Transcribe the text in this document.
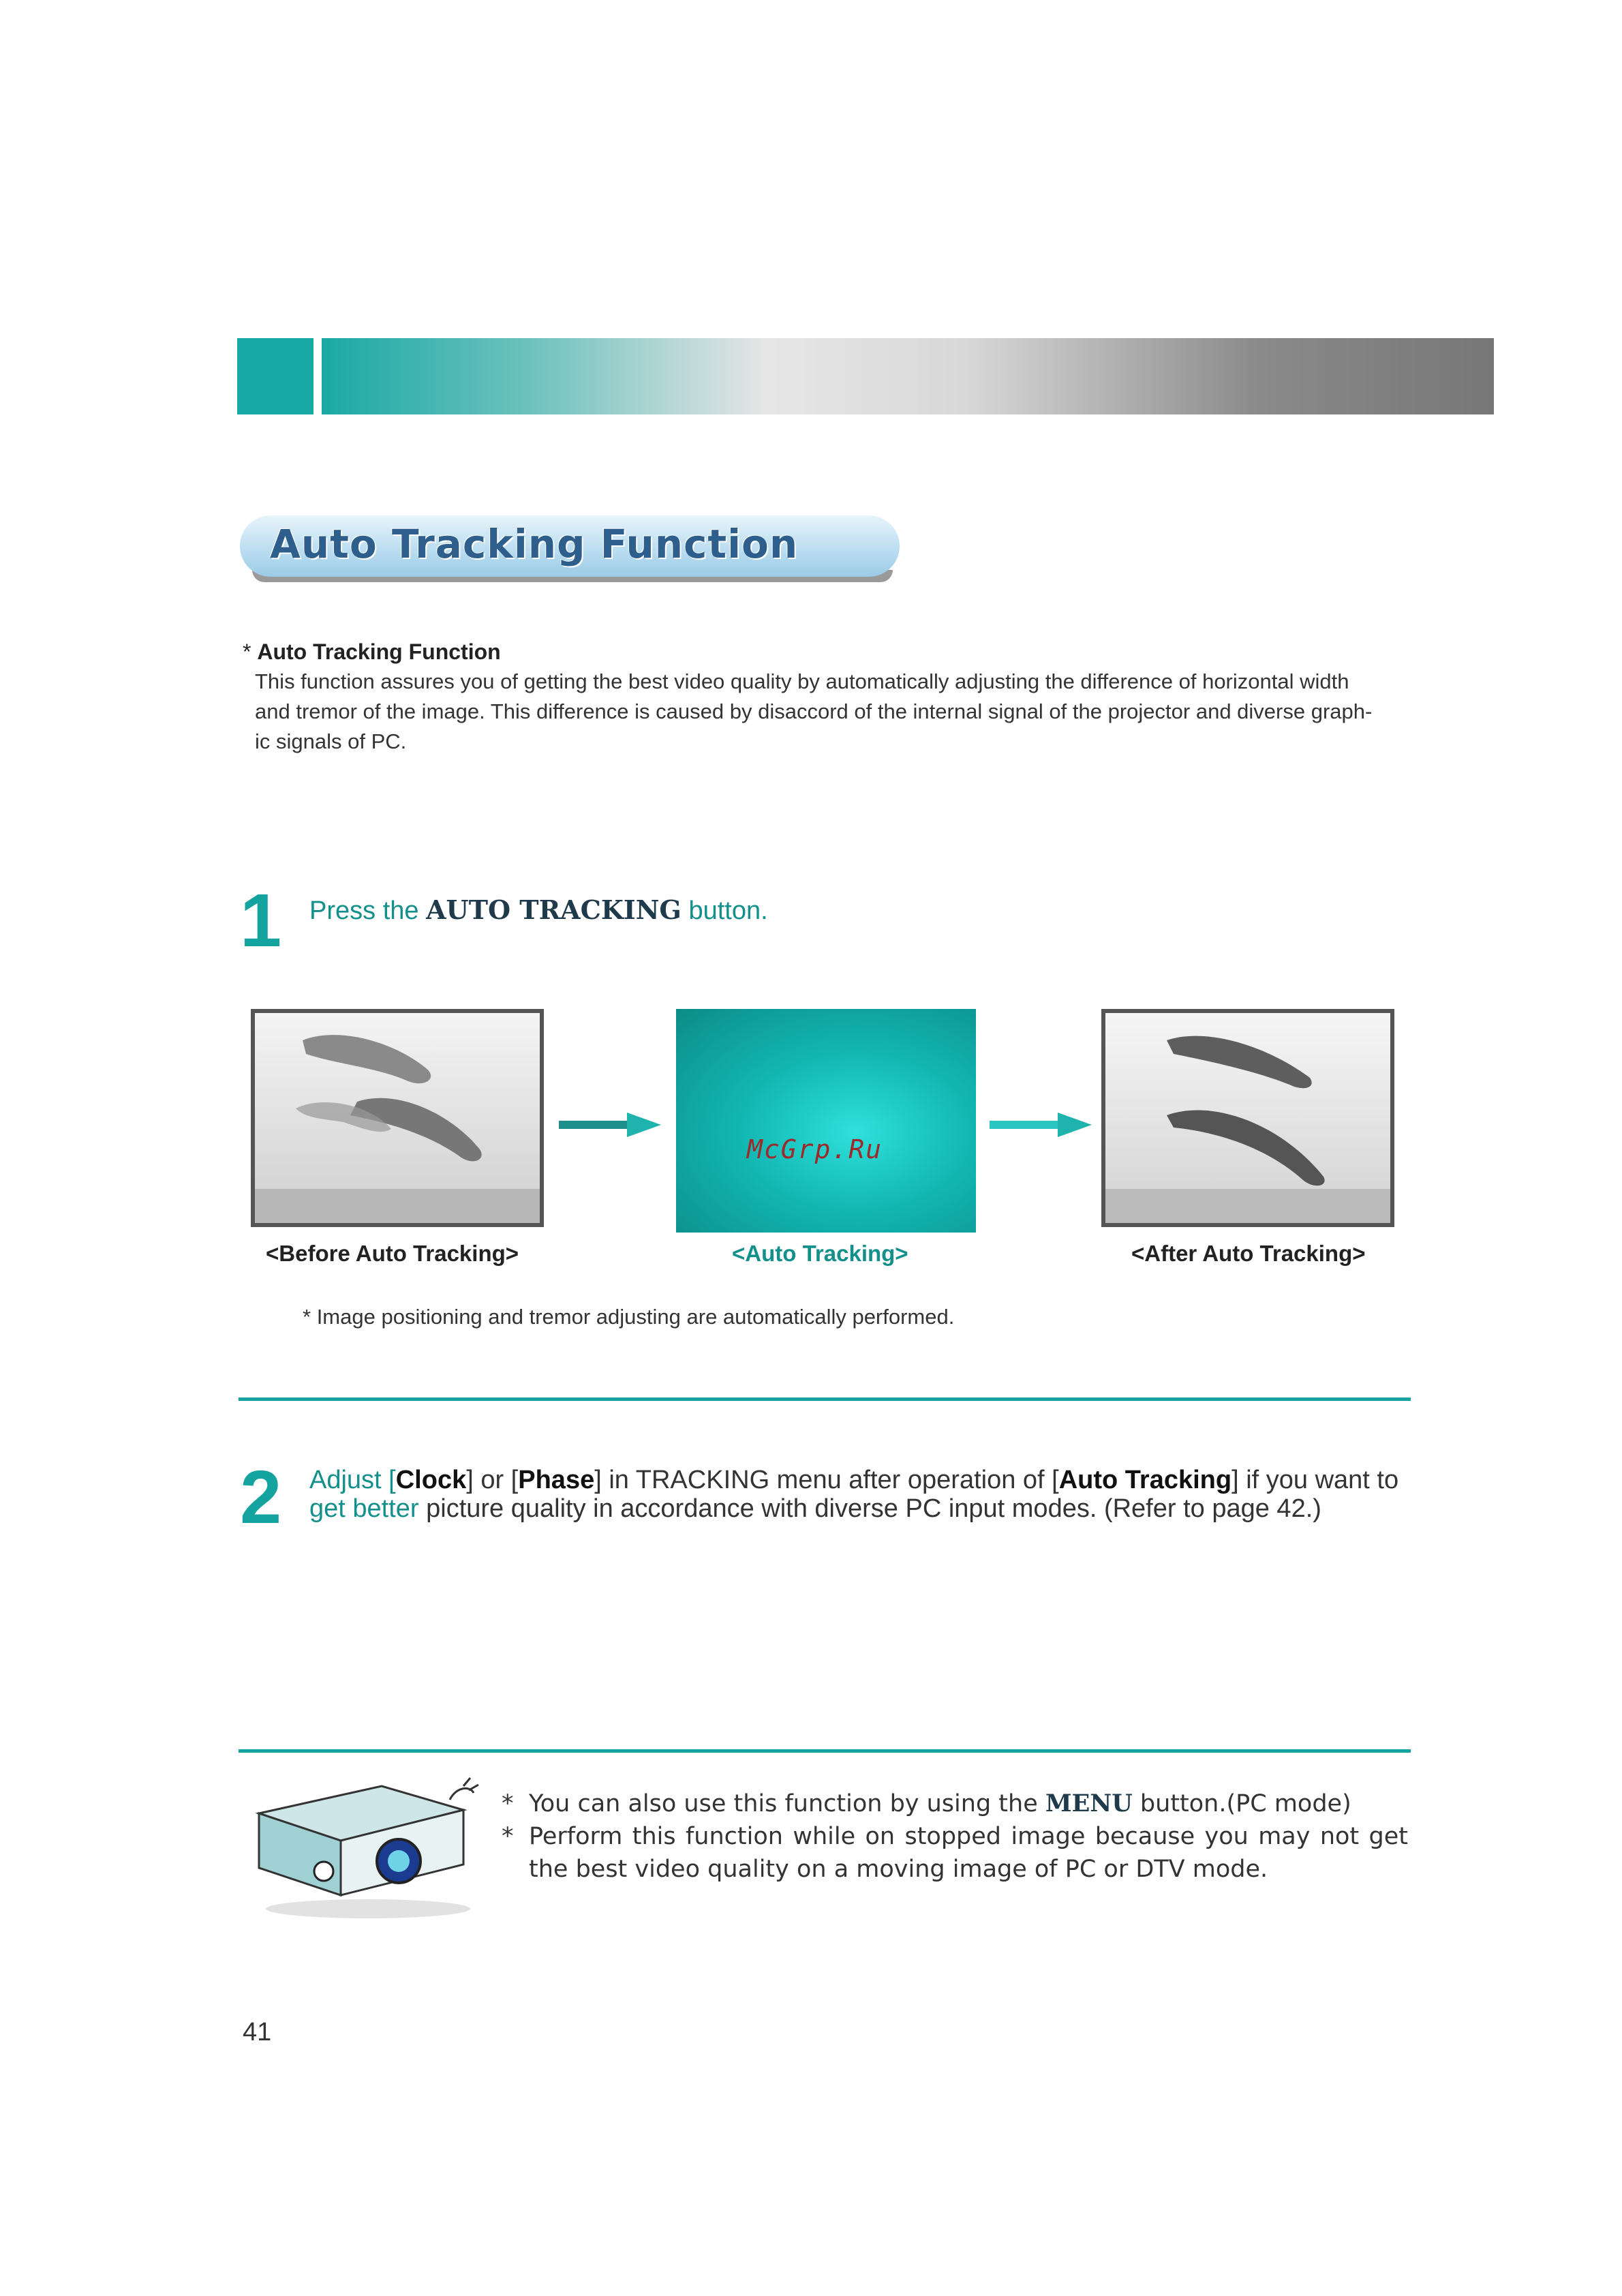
Auto Tracking Function
* Auto Tracking Function
This function assures you of getting the best video quality by automatically adjusting the difference of horizontal width and tremor of the image. This difference is caused by disaccord of the internal signal of the projector and diverse graph-ic signals of PC.
1 Press the AUTO TRACKING button.
McGrp.Ru
<Before Auto Tracking>	<Auto Tracking>	<After Auto Tracking>
* Image positioning and tremor adjusting are automatically performed.
2 Adjust [Clock] or [Phase] in TRACKING menu after operation of [Auto Tracking] if you want to
get better picture quality in accordance with diverse PC input modes. (Refer to page 42.)
* You can also use this function by using the MENU button.(PC mode)
* Perform this function while on stopped image because you may not get the best video quality on a moving image of PC or DTV mode.
41
